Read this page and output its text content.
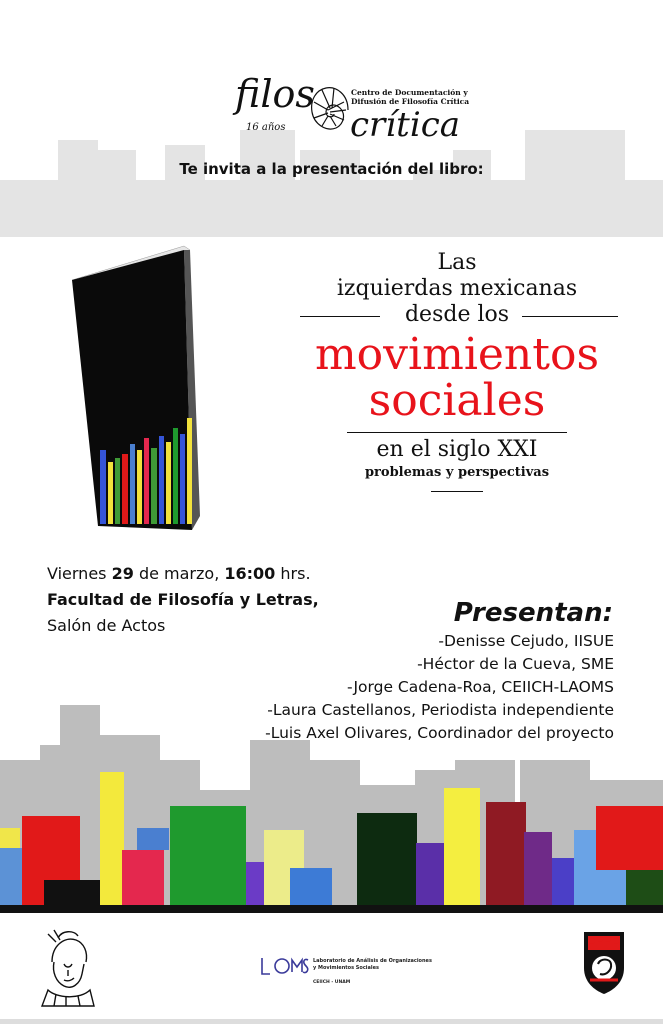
filos
16 años
Centro de Documentación y
Difusión de Filosofía Crítica
crítica
Te invita a la presentación del libro:
Las
izquierdas mexicanas
desde los
movimientos
sociales
en el siglo XXI
problemas y perspectivas
Viernes 29 de marzo, 16:00 hrs.
Facultad de Filosofía y Letras,
Salón de Actos	Presentan:
-Denisse Cejudo, IISUE
-Héctor de la Cueva, SME
-Jorge Cadena-Roa, CEIICH-LAOMS
-Laura Castellanos, Periodista independiente
-Luis Axel Olivares, Coordinador del proyecto
Laboratorio de Análisis de Organizaciones y Movimientos Sociales
CEIICH - UNAM
